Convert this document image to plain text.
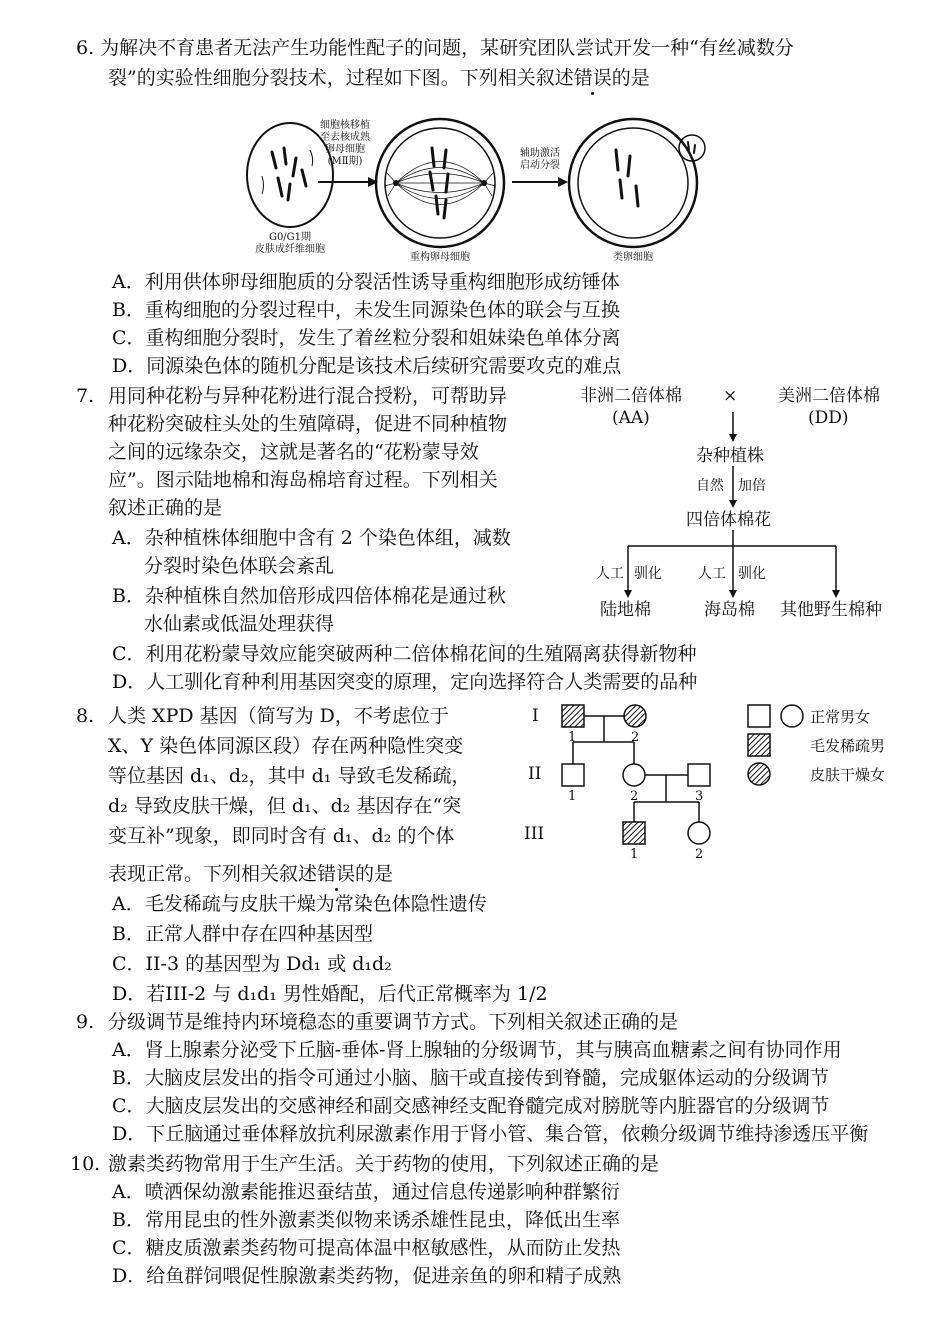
6. 为解决不育患者无法产生功能性配子的问题，某研究团队尝试开发一种“有丝减数分
裂”的实验性细胞分裂技术，过程如下图。下列相关叙述错误的是
细胞核移植
至去核成熟
卵母细胞
(MⅡ期)
辅助激活
启动分裂
G0/G1期
皮肤成纤维细胞
重构卵母细胞	类卵细胞
A．利用供体卵母细胞质的分裂活性诱导重构细胞形成纺锤体
B．重构细胞的分裂过程中，未发生同源染色体的联会与互换
C．重构细胞分裂时，发生了着丝粒分裂和姐妹染色单体分离
D．同源染色体的随机分配是该技术后续研究需要攻克的难点
7. 用同种花粉与异种花粉进行混合授粉，可帮助异
种花粉突破柱头处的生殖障碍，促进不同种植物
之间的远缘杂交，这就是著名的“花粉蒙导效
应”。图示陆地棉和海岛棉培育过程。下列相关
叙述正确的是
A．杂种植株体细胞中含有 2 个染色体组，减数
分裂时染色体联会紊乱
B．杂种植株自然加倍形成四倍体棉花是通过秋
水仙素或低温处理获得
C．利用花粉蒙导效应能突破两种二倍体棉花间的生殖隔离获得新物种
D．人工驯化育种利用基因突变的原理，定向选择符合人类需要的品种
非洲二倍体棉
(AA)
× 美洲二倍体棉
(DD)
杂种植株
自然 加倍
四倍体棉花
人工 驯化	人工 驯化
陆地棉	海岛棉 其他野生棉种
8. 人类 XPD 基因（简写为 D，不考虑位于
X、Y 染色体同源区段）存在两种隐性突变
等位基因 d₁、d₂，其中 d₁ 导致毛发稀疏，
d₂ 导致皮肤干燥，但 d₁、d₂ 基因存在“突
变互补”现象，即同时含有 d₁、d₂ 的个体
表现正常。下列相关叙述错误的是
A．毛发稀疏与皮肤干燥为常染色体隐性遗传
B．正常人群中存在四种基因型
C．II-3 的基因型为 Dd₁ 或 d₁d₂
D．若III-2 与 d₁d₁ 男性婚配，后代正常概率为 1/2
I
II
III
1	2
1	2	3
1	2
正常男女
毛发稀疏男
皮肤干燥女
9. 分级调节是维持内环境稳态的重要调节方式。下列相关叙述正确的是
A．肾上腺素分泌受下丘脑-垂体-肾上腺轴的分级调节，其与胰高血糖素之间有协同作用
B．大脑皮层发出的指令可通过小脑、脑干或直接传到脊髓，完成躯体运动的分级调节
C．大脑皮层发出的交感神经和副交感神经支配脊髓完成对膀胱等内脏器官的分级调节
D．下丘脑通过垂体释放抗利尿激素作用于肾小管、集合管，依赖分级调节维持渗透压平衡
10. 激素类药物常用于生产生活。关于药物的使用，下列叙述正确的是
A．喷洒保幼激素能推迟蚕结茧，通过信息传递影响种群繁衍
B．常用昆虫的性外激素类似物来诱杀雄性昆虫，降低出生率
C．糖皮质激素类药物可提高体温中枢敏感性，从而防止发热
D．给鱼群饲喂促性腺激素类药物，促进亲鱼的卵和精子成熟
